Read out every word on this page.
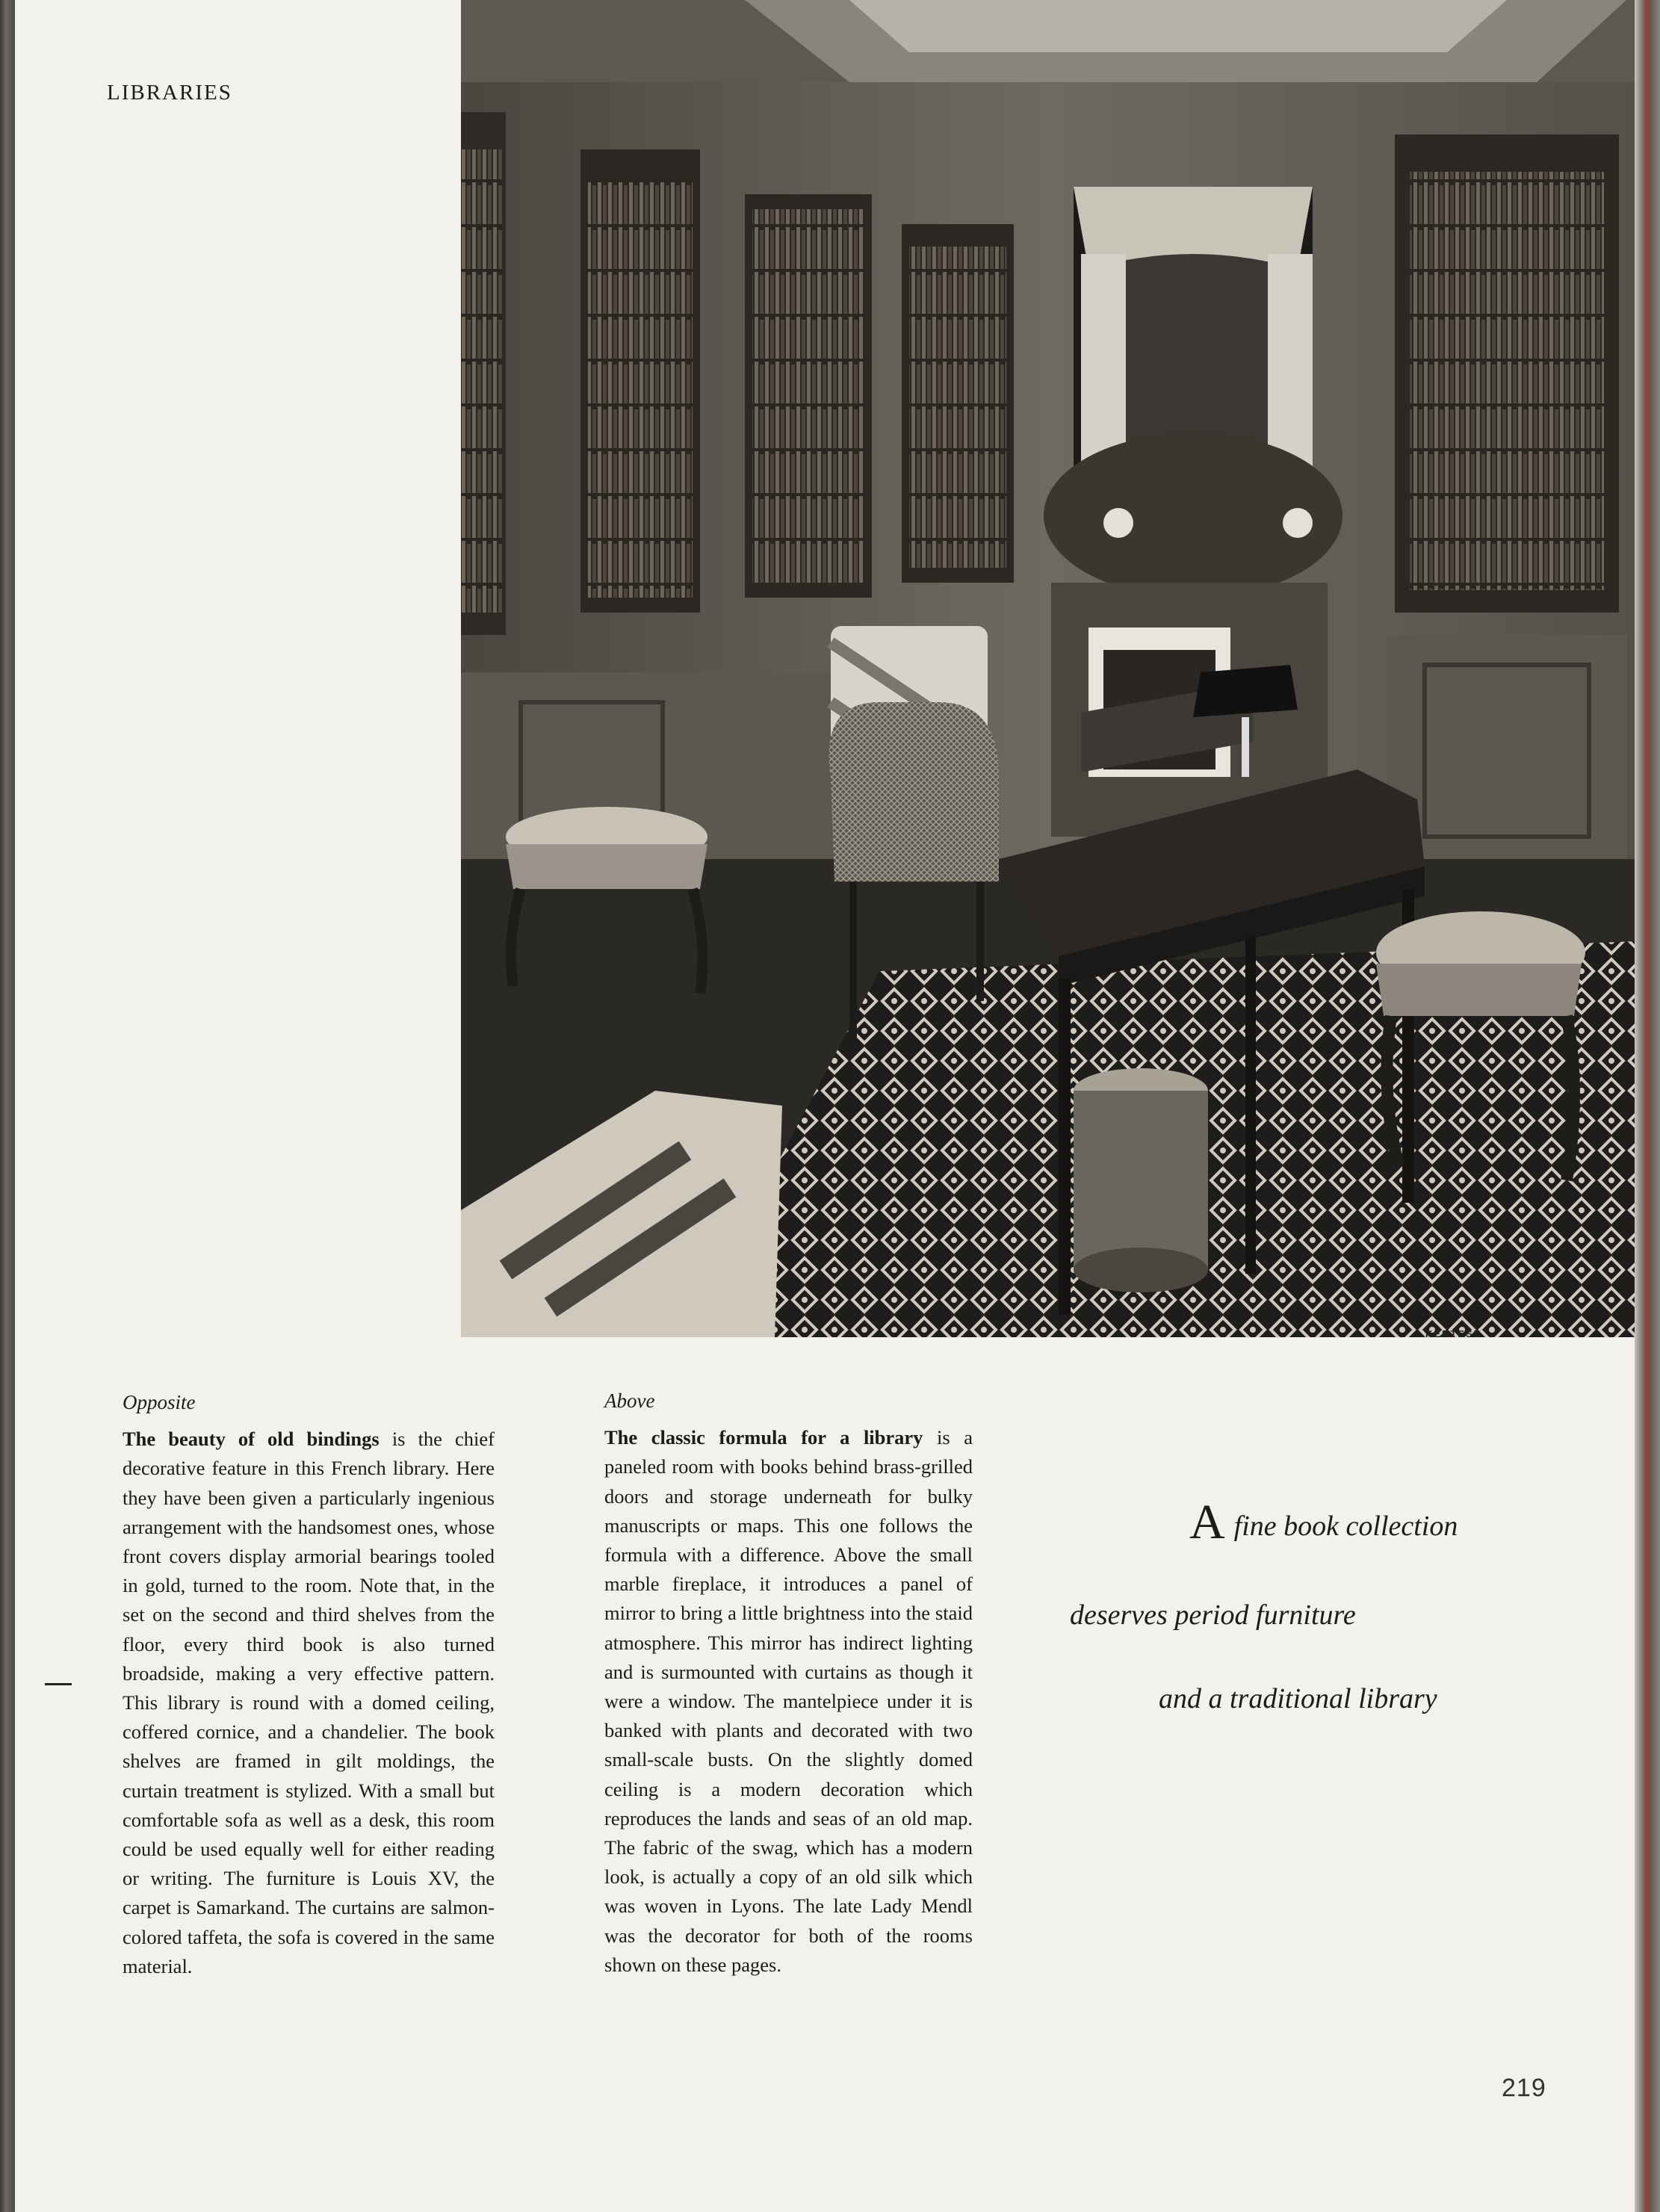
LIBRARIES
KERTESZ
Opposite
The beauty of old bindings is the chief decorative feature in this French library. Here they have been given a particularly ingenious arrangement with the handsomest ones, whose front covers display armorial bearings tooled in gold, turned to the room. Note that, in the set on the second and third shelves from the floor, every third book is also turned broadside, making a very effective pattern. This library is round with a domed ceiling, coffered cornice, and a chandelier. The book shelves are framed in gilt moldings, the curtain treatment is stylized. With a small but comfortable sofa as well as a desk, this room could be used equally well for either reading or writing. The furniture is Louis XV, the carpet is Samarkand. The curtains are salmon-colored taffeta, the sofa is covered in the same material.
Above
The classic formula for a library is a paneled room with books behind brass-grilled doors and storage underneath for bulky manuscripts or maps. This one follows the formula with a difference. Above the small marble fireplace, it introduces a panel of mirror to bring a little brightness into the staid atmosphere. This mirror has indirect lighting and is surmounted with curtains as though it were a window. The mantelpiece under it is banked with plants and decorated with two small-scale busts. On the slightly domed ceiling is a modern decoration which reproduces the lands and seas of an old map. The fabric of the swag, which has a modern look, is actually a copy of an old silk which was woven in Lyons. The late Lady Mendl was the decorator for both of the rooms shown on these pages.
Afine book collection
deserves period furniture
and a traditional library
219
